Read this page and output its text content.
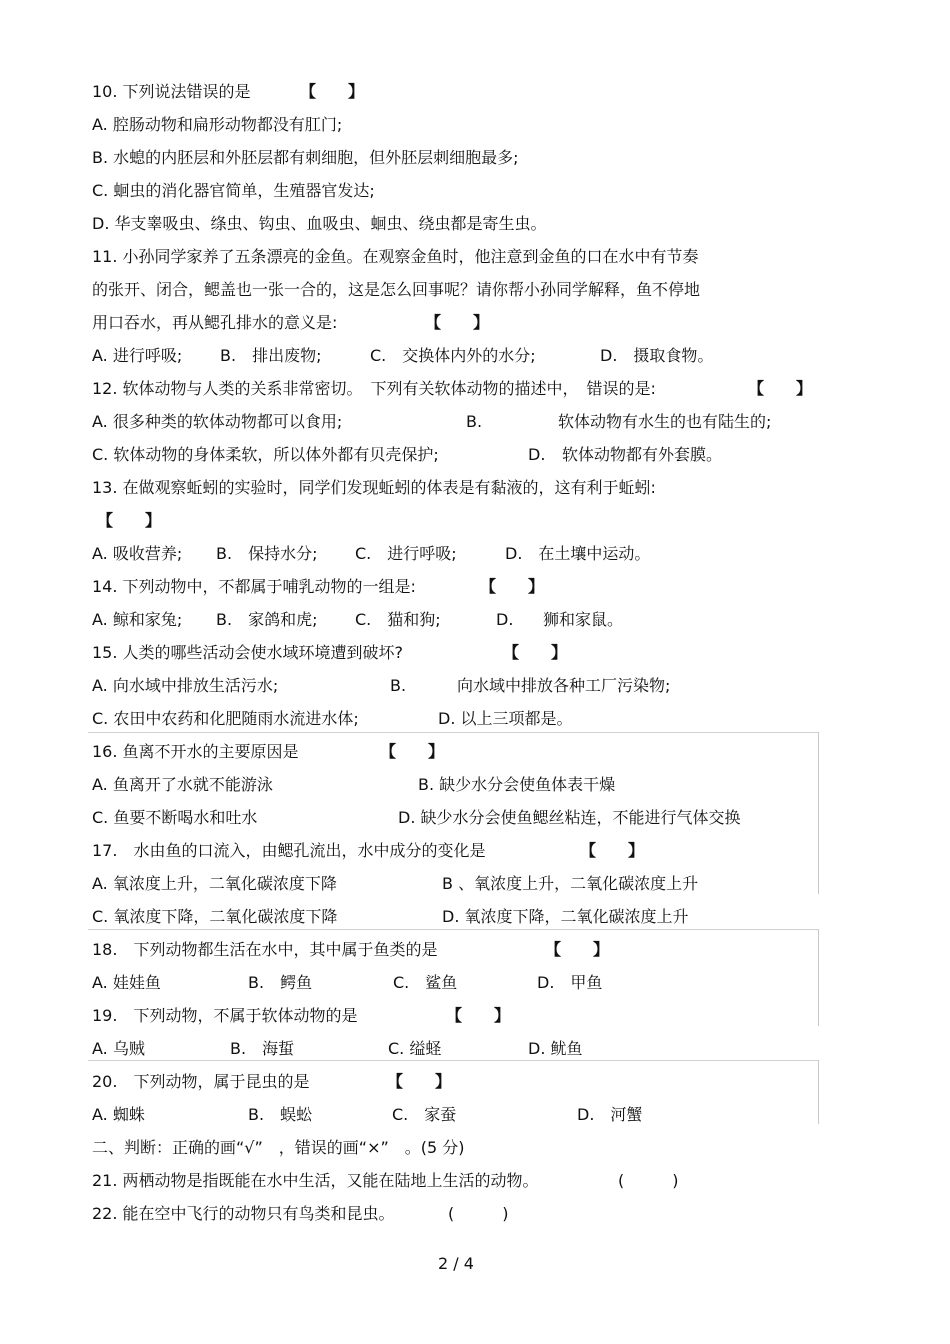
10. 下列说法错误的是	【　　】
A. 腔肠动物和扁形动物都没有肛门;
B. 水螅的内胚层和外胚层都有刺细胞，但外胚层刺细胞最多;
C. 蛔虫的消化器官简单，生殖器官发达;
D. 华支睾吸虫、绦虫、钩虫、血吸虫、蛔虫、绕虫都是寄生虫。
11. 小孙同学家养了五条漂亮的金鱼。在观察金鱼时，他注意到金鱼的口在水中有节奏
的张开、闭合，鳃盖也一张一合的，这是怎么回事呢？请你帮小孙同学解释，鱼不停地
用口吞水，再从鳃孔排水的意义是:	【　　】
A. 进行呼吸; B.　排出废物;	C.　交换体内外的水分;	D.　摄取食物。
12. 软体动物与人类的关系非常密切。　下列有关软体动物的描述中，　错误的是:	【　　】
A. 很多种类的软体动物都可以食用;	B.	软体动物有水生的也有陆生的;
C. 软体动物的身体柔软，所以体外都有贝壳保护;	D. 软体动物都有外套膜。
13. 在做观察蚯蚓的实验时，同学们发现蚯蚓的体表是有黏液的，这有利于蚯蚓:
【　　】
A. 吸收营养; B.　保持水分; C.　进行呼吸;	D.　在土壤中运动。
14. 下列动物中，不都属于哺乳动物的一组是:	【　　】
A. 鲸和家兔; B.　家鸽和虎; C.　猫和狗;	D. 狮和家鼠。
15. 人类的哪些活动会使水域环境遭到破坏?	【　　】
A. 向水域中排放生活污水;	B.	向水域中排放各种工厂污染物;
C. 农田中农药和化肥随雨水流进水体;	D. 以上三项都是。
16. 鱼离不开水的主要原因是	【　　】
A. 鱼离开了水就不能游泳	B. 缺少水分会使鱼体表干燥
C. 鱼要不断喝水和吐水	D. 缺少水分会使鱼鳃丝粘连，不能进行气体交换
17.　水由鱼的口流入，由鳃孔流出，水中成分的变化是	【　　】
A. 氧浓度上升，二氧化碳浓度下降	B 、氧浓度上升，二氧化碳浓度上升
C. 氧浓度下降，二氧化碳浓度下降	D. 氧浓度下降，二氧化碳浓度上升
18.　下列动物都生活在水中，其中属于鱼类的是	【　　】
A. 娃娃鱼	B.　鳄鱼	C.　鲨鱼	D.　甲鱼
19.　下列动物，不属于软体动物的是	【　　】
A. 乌贼	B.　海蜇	C. 缢蛏	D. 鱿鱼
20.　下列动物，属于昆虫的是	【　　】
A. 蜘蛛	B.　蜈蚣	C.　家蚕	D.　河蟹
二、判断：正确的画“√”　，错误的画“×”　。(5 分)
21. 两栖动物是指既能在水中生活，又能在陆地上生活的动物。	(　　　)
22. 能在空中飞行的动物只有鸟类和昆虫。	(　　　)
2 / 4
